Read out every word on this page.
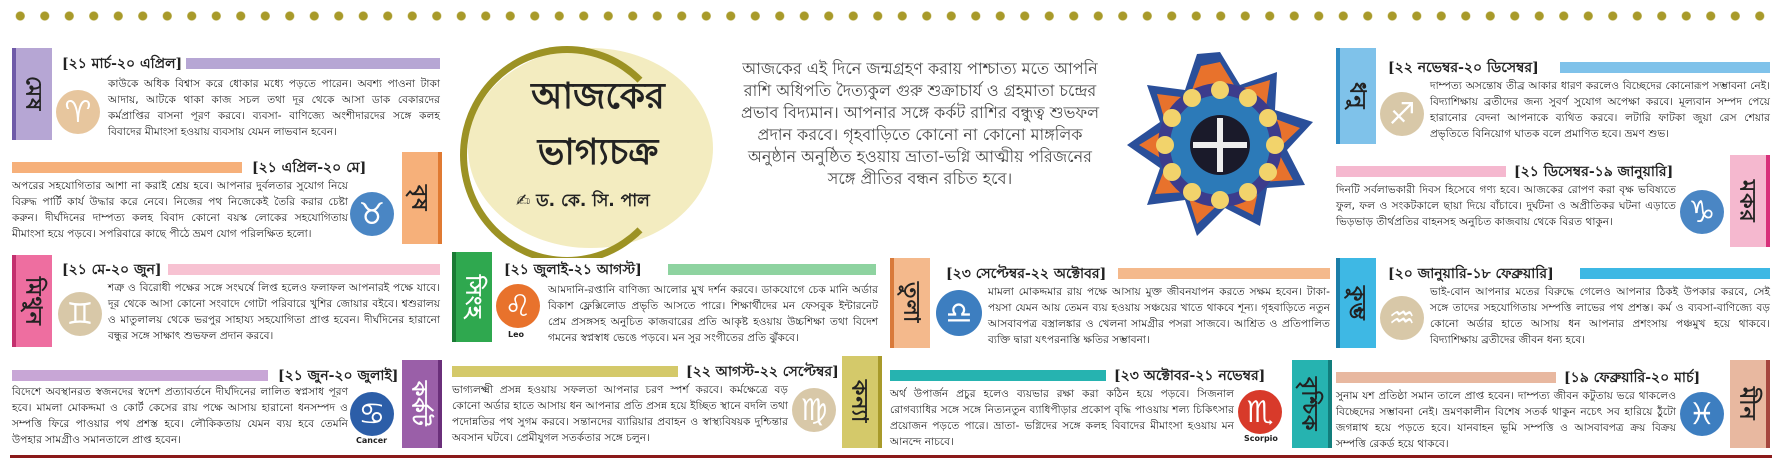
মেষ
[২১ মার্চ-২০ এপ্রিল]
♈
কাউকে অধিক বিশ্বাস করে ধোকার মধ্যে পড়তে পারেন। অবশ্য পাওনা টাকা আদায়, আটকে থাকা কাজ সচল তথা দূর থেকে আসা ডাক বেকারদের কর্মপ্রাপ্তির বাসনা পূরণ করবে। ব্যবসা- বাণিজ্যে অংশীদারদের সঙ্গে কলহ বিবাদের মীমাংসা হওয়ায় ব্যবসায় যেমন লাভবান হবেন।
[২১ এপ্রিল-২০ মে]
বৃষ
♉
অপরের সহযোগিতার আশা না করাই শ্রেয় হবে। আপনার দুর্বলতার সুযোগ নিয়ে বিরুদ্ধ পার্টি কার্য উদ্ধার করে নেবে। নিজের পথ নিজেকেই তৈরি করার চেষ্টা করুন। দীর্ঘদিনের দাম্পত্য কলহ বিবাদ কোনো বয়স্ক লোকের সহযোগিতায় মীমাংসা হয়ে পড়বে। সপরিবারে কাছে পীঠে ভ্রমণ যোগ পরিলক্ষিত হলো।
মিথুন
[২১ মে-২০ জুন]
♊
শত্রু ও বিরোধী পক্ষের সঙ্গে সংঘর্ষে লিপ্ত হলেও ফলাফল আপনারই পক্ষে যাবে। দূর থেকে আসা কোনো সংবাদে গোটা পরিবারে খুশির জোয়ার বইবে। শ্বশুরালয় ও মাতুলালয় থেকে ভরপুর সাহায্য সহযোগিতা প্রাপ্ত হবেন। দীর্ঘদিনের হারানো বন্ধুর সঙ্গে সাক্ষাৎ শুভফল প্রদান করবে।
[২১ জুন-২০ জুলাই]
কর্কট
♋
Cancer
বিদেশে অবস্থানরত স্বজনদের স্বদেশ প্রত্যাবর্তনে দীর্ঘদিনের লালিত স্বপ্নসাধ পূরণ হবে। মামলা মোকদ্দমা ও কোর্ট কেসের রায় পক্ষে আসায় হারানো ধনসম্পদ ও সম্পত্তি ফিরে পাওয়ার পথ প্রশস্ত হবে। লৌকিকতায় যেমন ব্যয় হবে তেমনি উপহার সামগ্রীও সমানতালে প্রাপ্ত হবেন।
আজকের ভাগ্যচক্র
✍ ড. কে. সি. পাল
আজকের এই দিনে জন্মগ্রহণ করায় পাশ্চাত্য মতে আপনি রাশি অধিপতি দৈত্যকুল গুরু শুক্রাচার্য ও গ্রহমাতা চন্দ্রের প্রভাব বিদ্যমান। আপনার সঙ্গে কর্কট রাশির বন্ধুত্ব শুভফল প্রদান করবে। গৃহবাড়িতে কোনো না কোনো মাঙ্গলিক অনুষ্ঠান অনুষ্ঠিত হওয়ায় ভ্রাতা-ভগ্নি আত্মীয় পরিজনের সঙ্গে প্রীতির বন্ধন রচিত হবে।
সিংহ
[২১ জুলাই-২১ আগস্ট]
♌
Leo
আমদানি-রপ্তানি বাণিজ্য আলোর মুখ দর্শন করবে। ডাকযোগে চেক মানি অর্ডার বিকাশ ফ্লেক্সিলোড প্রভৃতি আসতে পারে। শিক্ষার্থীদের মন ফেসবুক ইন্টারনেট প্রেম প্রসঙ্গসহ অনুচিত কাজবারের প্রতি আকৃষ্ট হওয়ায় উচ্চশিক্ষা তথা বিদেশ গমনের স্বপ্নস্বাধ ভেঙে পড়বে। মন সুর সংগীতের প্রতি ঝুঁকবে।
[২২ আগস্ট-২২ সেপ্টেম্বর]
কন্যা
♍
ভাগ্যলক্ষ্মী প্রসন্ন হওয়ায় সফলতা আপনার চরণ স্পর্শ করবে। কর্মক্ষেত্রে বড় কোনো অর্ডার হাতে আসায় ধন আপনার প্রতি প্রসন্ন হয়ে ইচ্ছিত স্থানে বদলি তথা পদোন্নতির পথ সুগম করবে। সন্তানদের ব্যারিয়ার প্রবাহন ও স্বাস্থ্যবিষয়ক দুশ্চিন্তার অবসান ঘটবে। প্রেমীযুগল সতর্কতার সঙ্গে চলুন।
তুলা
[২৩ সেপ্টেম্বর-২২ অক্টোবর]
♎
মামলা মোকদ্দমার রায় পক্ষে আসায় মুক্ত জীবনযাপন করতে সক্ষম হবেন। টাকা-পয়সা যেমন আয় তেমন ব্যয় হওয়ায় সঞ্চয়ের খাতে থাকবে শূন্য। গৃহবাড়িতে নতুন আসবাবপত্র বস্ত্রালঙ্কার ও খেলনা সামগ্রীর পসরা সাজবে। আশ্রিত ও প্রতিপালিত ব্যক্তি দ্বারা যৎপরনাস্তি ক্ষতির সম্ভাবনা।
[২৩ অক্টোবর-২১ নভেম্বর]
বৃশ্চিক
♏
Scorpio
অর্থ উপার্জন প্রচুর হলেও ব্যয়ভার রক্ষা করা কঠিন হয়ে পড়বে। সিজনাল রোগব্যাধির সঙ্গে সঙ্গে নিত্যনতুন ব্যাধিপীড়ার প্রকোপ বৃদ্ধি পাওয়ায় শল্য চিকিৎসার প্রয়োজন পড়তে পারে। ভ্রাতা- ভগ্নিদের সঙ্গে কলহ বিবাদের মীমাংসা হওয়ায় মন আনন্দে নাচবে।
ধনু
[২২ নভেম্বর-২০ ডিসেম্বর]
♐
দাম্পত্য অসন্তোষ তীব্র আকার ধারণ করলেও বিচ্ছেদের কোনোরূপ সম্ভাবনা নেই। বিদ্যাশিক্ষায় ব্রতীদের জন্য সুবর্ণ সুযোগ অপেক্ষা করবে। মূল্যবান সম্পদ পেয়ে হারানোর বেদনা আপনাকে ব্যথিত করবে। লটারি ফাটকা জুয়া রেস শেয়ার প্রভৃতিতে বিনিয়োগ ঘাতক বলে প্রমাণিত হবে। ভ্রমণ শুভ।
[২১ ডিসেম্বর-১৯ জানুয়ারি]
মকর
♑
দিনটি সর্বলাভকারী দিবস হিসেবে গণ্য হবে। আজকের রোপণ করা বৃক্ষ ভবিষ্যতে ফুল, ফল ও সংকটকালে ছায়া দিয়ে বাঁচাবে। দুর্ঘটনা ও অপ্রীতিকর ঘটনা এড়াতে ভিড়ভাড় তীর্থপ্রতির বাহনসহ অনুচিত কাজবায় থেকে বিরত থাকুন।
কুম্ভ
[২০ জানুয়ারি-১৮ ফেব্রুয়ারি]
♒
ভাই-বোন আপনার মতের বিরুদ্ধে গেলেও আপনার ঠিকই উপকার করবে, সেই সঙ্গে তাদের সহযোগিতায় সম্পত্তি লাভের পথ প্রশস্ত। কর্ম ও ব্যবসা-বাণিজ্যে বড় কোনো অর্ডার হাতে আসায় ধন আপনার প্রশংসায় পঞ্চমুখ হয়ে থাকবে। বিদ্যাশিক্ষায় ব্রতীদের জীবন ধন্য হবে।
[১৯ ফেব্রুয়ারি-২০ মার্চ]
মীন
♓
সুনাম যশ প্রতিষ্ঠা সমান তালে প্রাপ্ত হবেন। দাম্পত্য জীবন কটুতায় ভরে থাকলেও বিচ্ছেদের সম্ভাবনা নেই। ভ্রমণকালীন বিশেষ সতর্ক থাকুন নচেৎ সব হারিয়ে ঠুঁটো জগন্নাথ হয়ে পড়তে হবে। যানবাহন ভূমি সম্পত্তি ও আসবাবপত্র ক্রয় বিক্রয় সম্পত্তি রেকর্ড হয়ে থাকবে।
